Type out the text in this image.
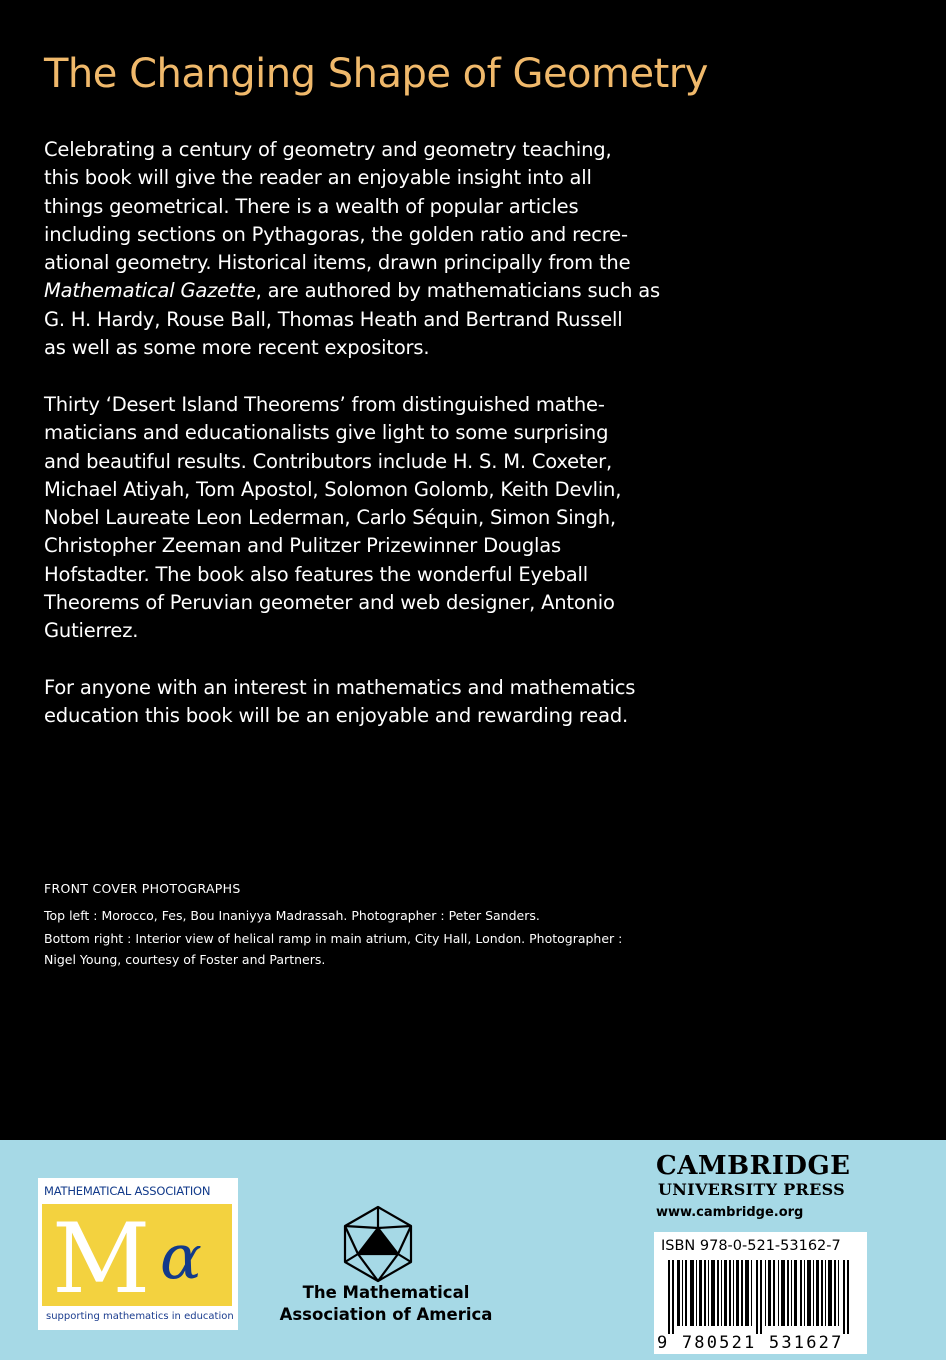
The Changing Shape of Geometry
Celebrating a century of geometry and geometry teaching,
this book will give the reader an enjoyable insight into all
things geometrical. There is a wealth of popular articles
including sections on Pythagoras, the golden ratio and recre-
ational geometry. Historical items, drawn principally from the
Mathematical Gazette, are authored by mathematicians such as
G. H. Hardy, Rouse Ball, Thomas Heath and Bertrand Russell
as well as some more recent expositors.
Thirty ‘Desert Island Theorems’ from distinguished mathe-
maticians and educationalists give light to some surprising
and beautiful results. Contributors include H. S. M. Coxeter,
Michael Atiyah, Tom Apostol, Solomon Golomb, Keith Devlin,
Nobel Laureate Leon Lederman, Carlo Séquin, Simon Singh,
Christopher Zeeman and Pulitzer Prizewinner Douglas
Hofstadter. The book also features the wonderful Eyeball
Theorems of Peruvian geometer and web designer, Antonio
Gutierrez.
For anyone with an interest in mathematics and mathematics
education this book will be an enjoyable and rewarding read.
FRONT COVER PHOTOGRAPHS
Top left : Morocco, Fes, Bou Inaniyya Madrassah. Photographer : Peter Sanders.
Bottom right : Interior view of helical ramp in main atrium, City Hall, London. Photographer :
Nigel Young, courtesy of Foster and Partners.
MATHEMATICAL ASSOCIATION
M α
supporting mathematics in education
The Mathematical
Association of America
CAMBRIDGE
UNIVERSITY PRESS
www.cambridge.org
ISBN 978-0-521-53162-7
9 780521 531627
